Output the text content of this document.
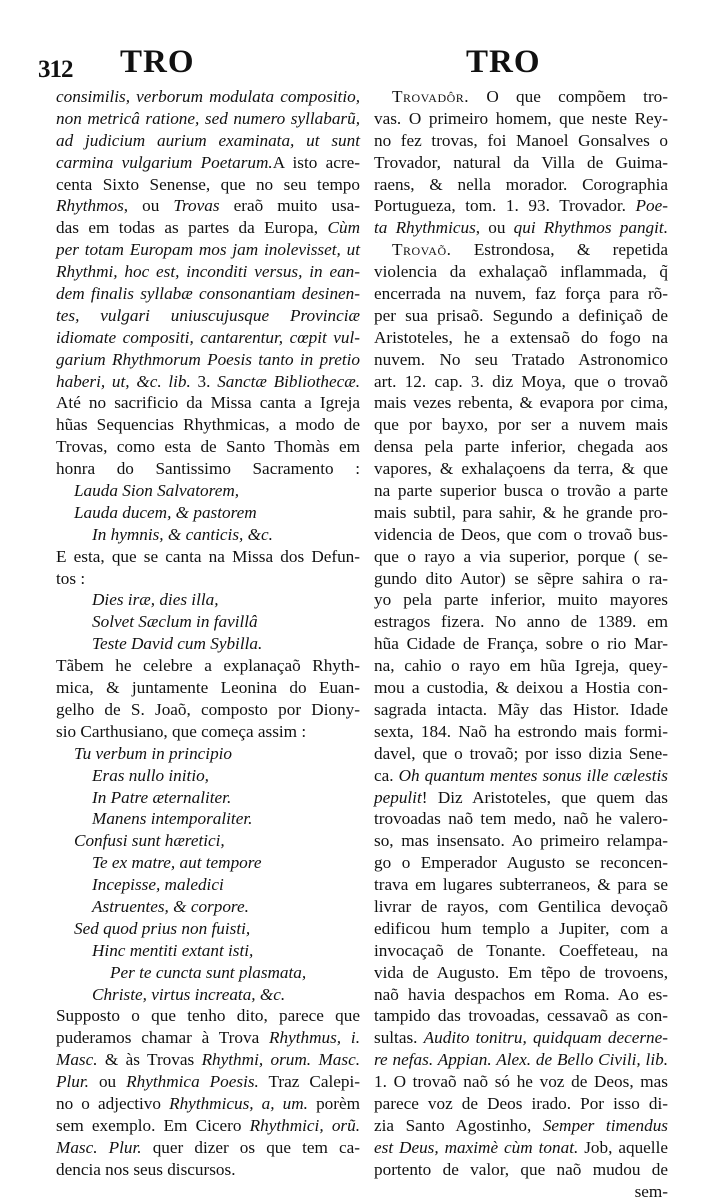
312 TRO	TRO
consimilis, verborum modulata compositio,
non metricâ ratione, sed numero syllabarũ,
ad judicium aurium examinata, ut sunt
carmina vulgarium Poetarum.A isto acre-
centa Sixto Senense, que no seu tempo
Rhythmos, ou Trovas eraõ muito usa-
das em todas as partes da Europa, Cùm
per totam Europam mos jam inolevisset, ut
Rhythmi, hoc est, inconditi versus, in ean-
dem finalis syllabæ consonantiam desinen-
tes, vulgari uniuscujusque Provinciæ
idiomate compositi, cantarentur, cœpit vul-
garium Rhythmorum Poesis tanto in pretio
haberi, ut, &c. lib. 3. Sanctæ Bibliothecæ.
Até no sacrificio da Missa canta a Igreja
hũas Sequencias Rhythmicas, a modo de
Trovas, como esta de Santo Thomàs em
honra do Santissimo Sacramento :
Lauda Sion Salvatorem,
Lauda ducem, & pastorem
In hymnis, & canticis, &c.
E esta, que se canta na Missa dos Defun-
tos :
Dies iræ, dies illa,
Solvet Sæclum in favillâ
Teste David cum Sybilla.
Tãbem he celebre a explanaçaõ Rhyth-
mica, & juntamente Leonina do Euan-
gelho de S. Joaõ, composto por Diony-
sio Carthusiano, que começa assim :
Tu verbum in principio
Eras nullo initio,
In Patre æternaliter.
Manens intemporaliter.
Confusi sunt hæretici,
Te ex matre, aut tempore
Incepisse, maledici
Astruentes, & corpore.
Sed quod prius non fuisti,
Hinc mentiti extant isti,
Per te cuncta sunt plasmata,
Christe, virtus increata, &c.
Supposto o que tenho dito, parece que
puderamos chamar à Trova Rhythmus, i.
Masc. & às Trovas Rhythmi, orum. Masc.
Plur. ou Rhythmica Poesis. Traz Calepi-
no o adjectivo Rhythmicus, a, um. porèm
sem exemplo. Em Cicero Rhythmici, orũ.
Masc. Plur. quer dizer os que tem ca-
dencia nos seus discursos.
Trovadôr. O que compõem tro-
vas. O primeiro homem, que neste Rey-
no fez trovas, foi Manoel Gonsalves o
Trovador, natural da Villa de Guima-
raens, & nella morador. Corographia
Portugueza, tom. 1. 93. Trovador. Poe-
ta Rhythmicus, ou qui Rhythmos pangit.
Trovaõ. Estrondosa, & repetida
violencia da exhalaçaõ inflammada, q̃
encerrada na nuvem, faz força para rõ-
per sua prisaõ. Segundo a definiçaõ de
Aristoteles, he a extensaõ do fogo na
nuvem. No seu Tratado Astronomico
art. 12. cap. 3. diz Moya, que o trovaõ
mais vezes rebenta, & evapora por cima,
que por bayxo, por ser a nuvem mais
densa pela parte inferior, chegada aos
vapores, & exhalaçoens da terra, & que
na parte superior busca o trovão a parte
mais subtil, para sahir, & he grande pro-
videncia de Deos, que com o trovaõ bus-
que o rayo a via superior, porque ( se-
gundo dito Autor) se sẽpre sahira o ra-
yo pela parte inferior, muito mayores
estragos fizera. No anno de 1389. em
hũa Cidade de França, sobre o rio Mar-
na, cahio o rayo em hũa Igreja, quey-
mou a custodia, & deixou a Hostia con-
sagrada intacta. Mãy das Histor. Idade
sexta, 184. Naõ ha estrondo mais formi-
davel, que o trovaõ; por isso dizia Sene-
ca. Oh quantum mentes sonus ille cælestis
pepulit! Diz Aristoteles, que quem das
trovoadas naõ tem medo, naõ he valero-
so, mas insensato. Ao primeiro relampa-
go o Emperador Augusto se reconcen-
trava em lugares subterraneos, & para se
livrar de rayos, com Gentilica devoçaõ
edificou hum templo a Jupiter, com a
invocaçaõ de Tonante. Coeffeteau, na
vida de Augusto. Em tẽpo de trovoens,
naõ havia despachos em Roma. Ao es-
tampido das trovoadas, cessavaõ as con-
sultas. Audito tonitru, quidquam decerne-
re nefas. Appian. Alex. de Bello Civili, lib.
1. O trovaõ naõ só he voz de Deos, mas
parece voz de Deos irado. Por isso di-
zia Santo Agostinho, Semper timendus
est Deus, maximè cùm tonat. Job, aquelle
portento de valor, que naõ mudou de
sem-
